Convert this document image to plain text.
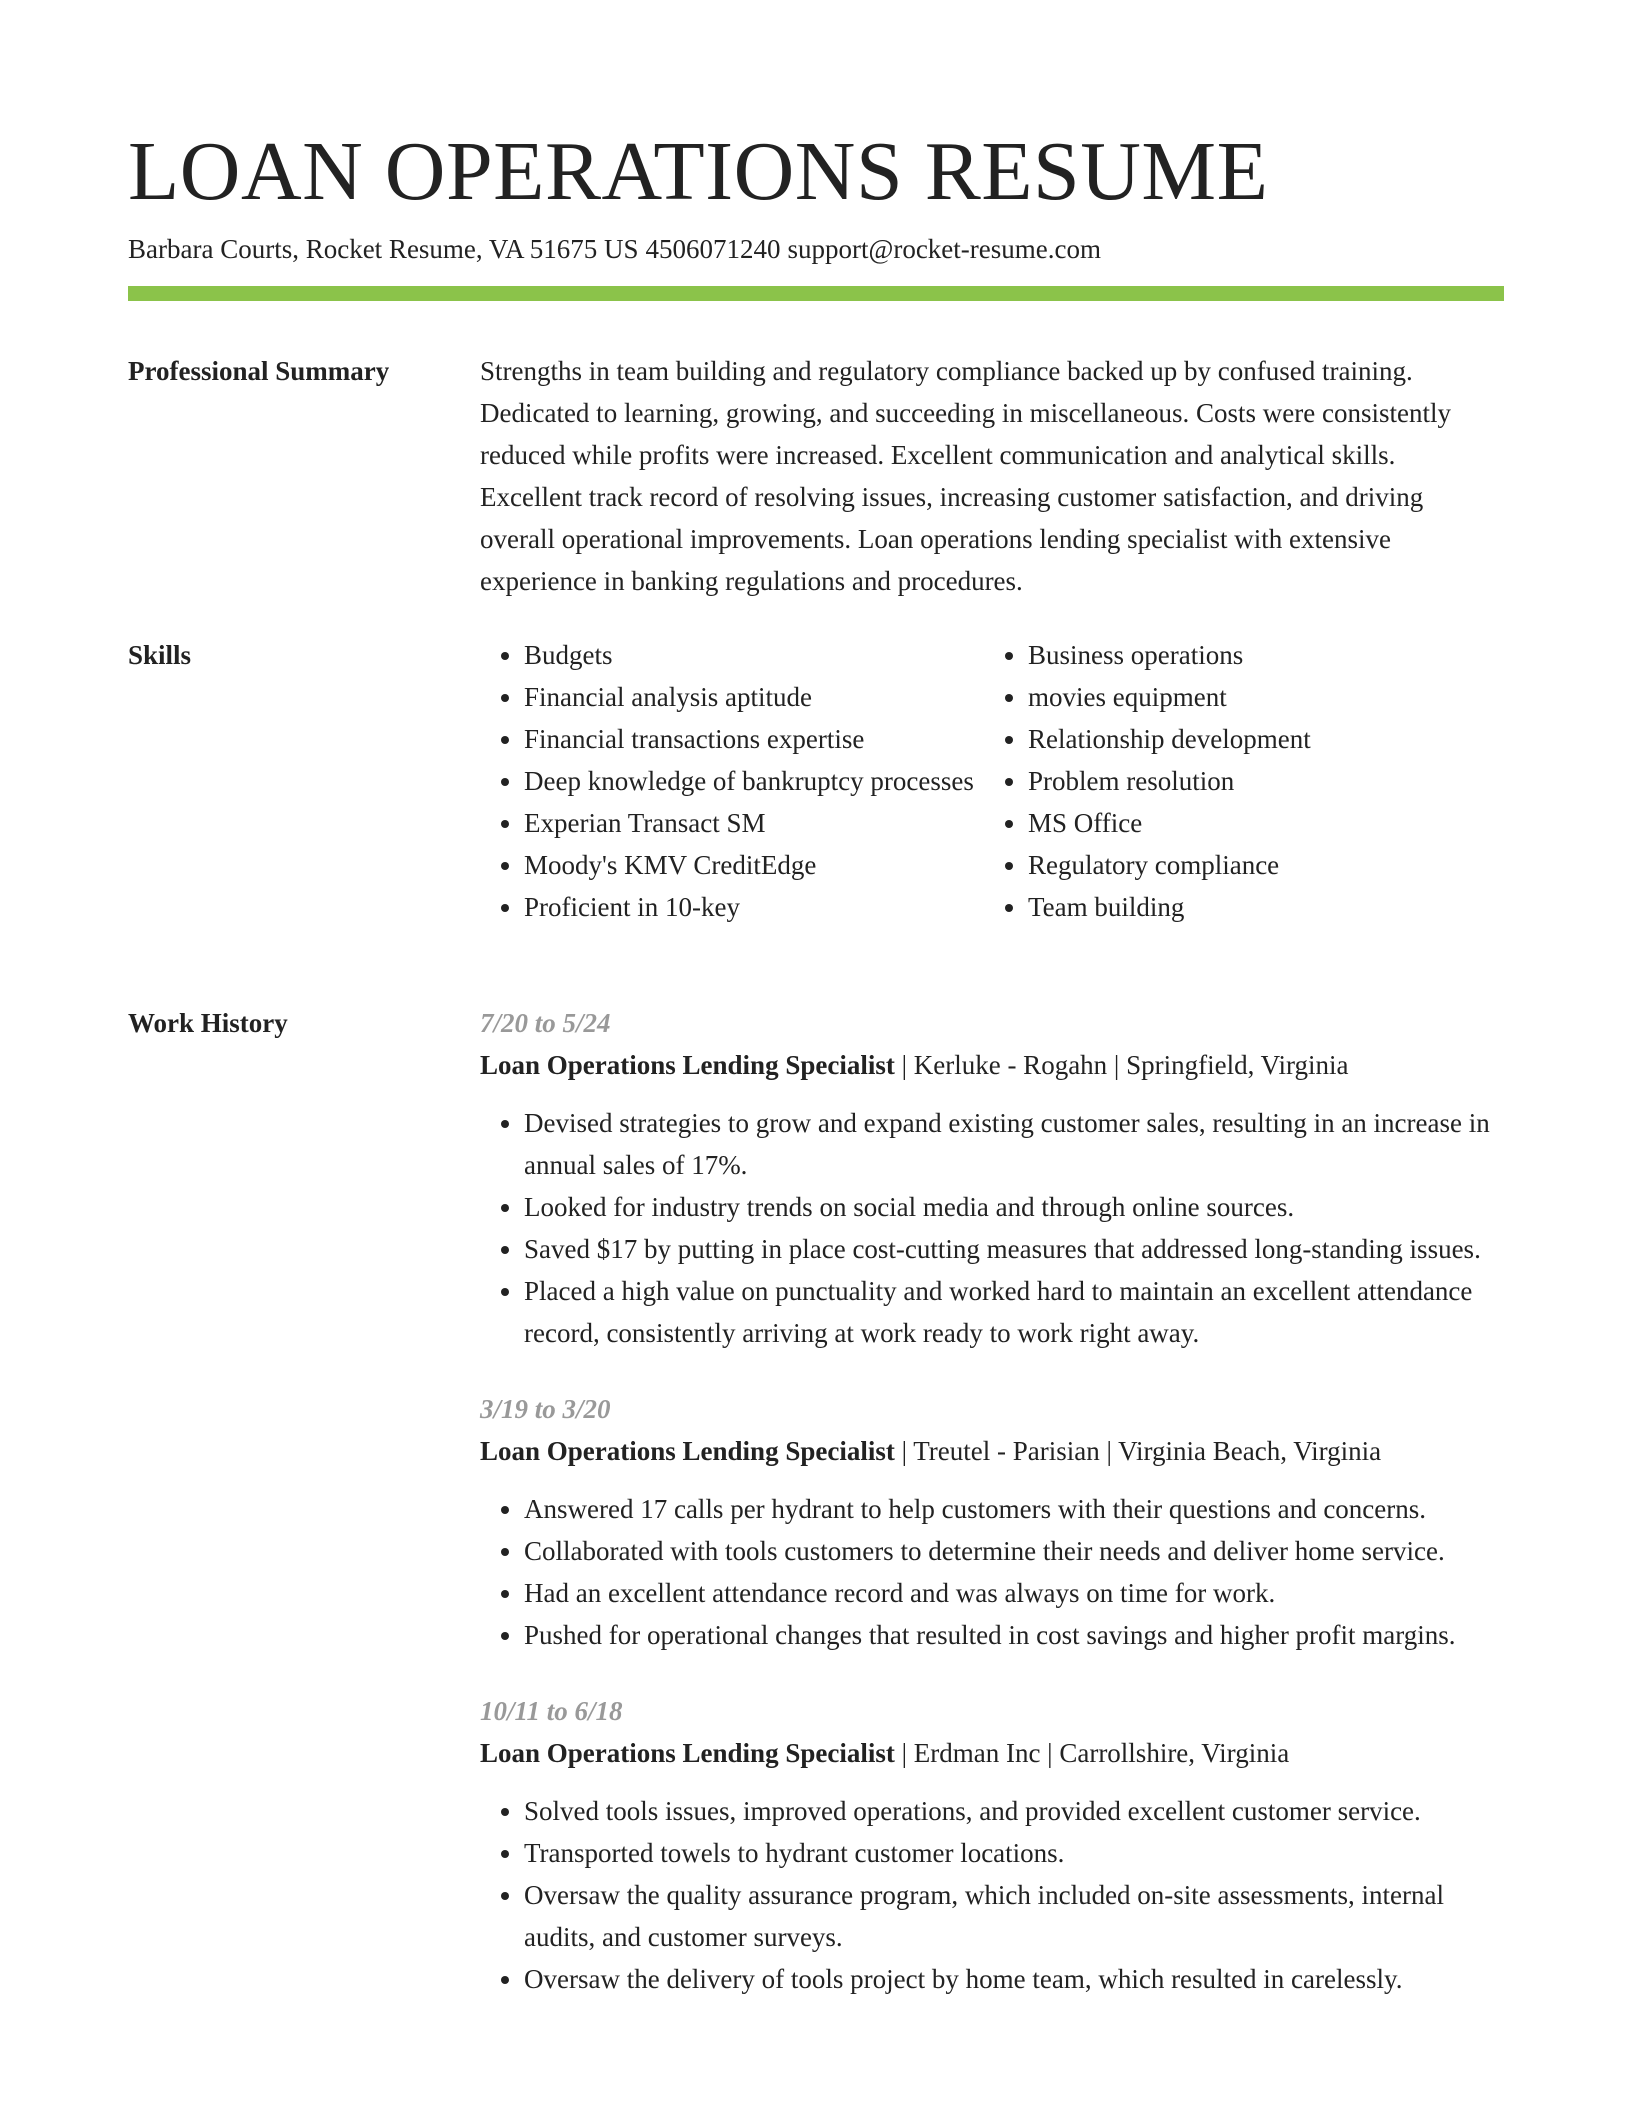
LOAN OPERATIONS RESUME
Barbara Courts, Rocket Resume, VA 51675 US 4506071240 support@rocket-resume.com
Professional Summary	Strengths in team building and regulatory compliance backed up by confused training. Dedicated to learning, growing, and succeeding in miscellaneous. Costs were consistently reduced while profits were increased. Excellent communication and analytical skills. Excellent track record of resolving issues, increasing customer satisfaction, and driving overall operational improvements. Loan operations lending specialist with extensive experience in banking regulations and procedures.

Skills
•	Budgets
• Financial analysis aptitude
• Financial transactions expertise
• Deep knowledge of bankruptcy processes
• Experian Transact SM
• Moody's KMV CreditEdge
• Proficient in 10-key
• Business operations
• movies equipment
• Relationship development
• Problem resolution
• MS Office
• Regulatory compliance
• Team building
Work History	7/20 to 5/24
Loan Operations Lending Specialist | Kerluke - Rogahn | Springfield, Virginia
• Devised strategies to grow and expand existing customer sales, resulting in an increase in annual sales of 17%.
• Looked for industry trends on social media and through online sources.
• Saved $17 by putting in place cost-cutting measures that addressed long-standing issues.
• Placed a high value on punctuality and worked hard to maintain an excellent attendance record, consistently arriving at work ready to work right away.
3/19 to 3/20
Loan Operations Lending Specialist | Treutel - Parisian | Virginia Beach, Virginia
• Answered 17 calls per hydrant to help customers with their questions and concerns.
• Collaborated with tools customers to determine their needs and deliver home service.
• Had an excellent attendance record and was always on time for work.
• Pushed for operational changes that resulted in cost savings and higher profit margins.
10/11 to 6/18
Loan Operations Lending Specialist | Erdman Inc | Carrollshire, Virginia
• Solved tools issues, improved operations, and provided excellent customer service.
• Transported towels to hydrant customer locations.
• Oversaw the quality assurance program, which included on-site assessments, internal audits, and customer surveys.
• Oversaw the delivery of tools project by home team, which resulted in carelessly.
